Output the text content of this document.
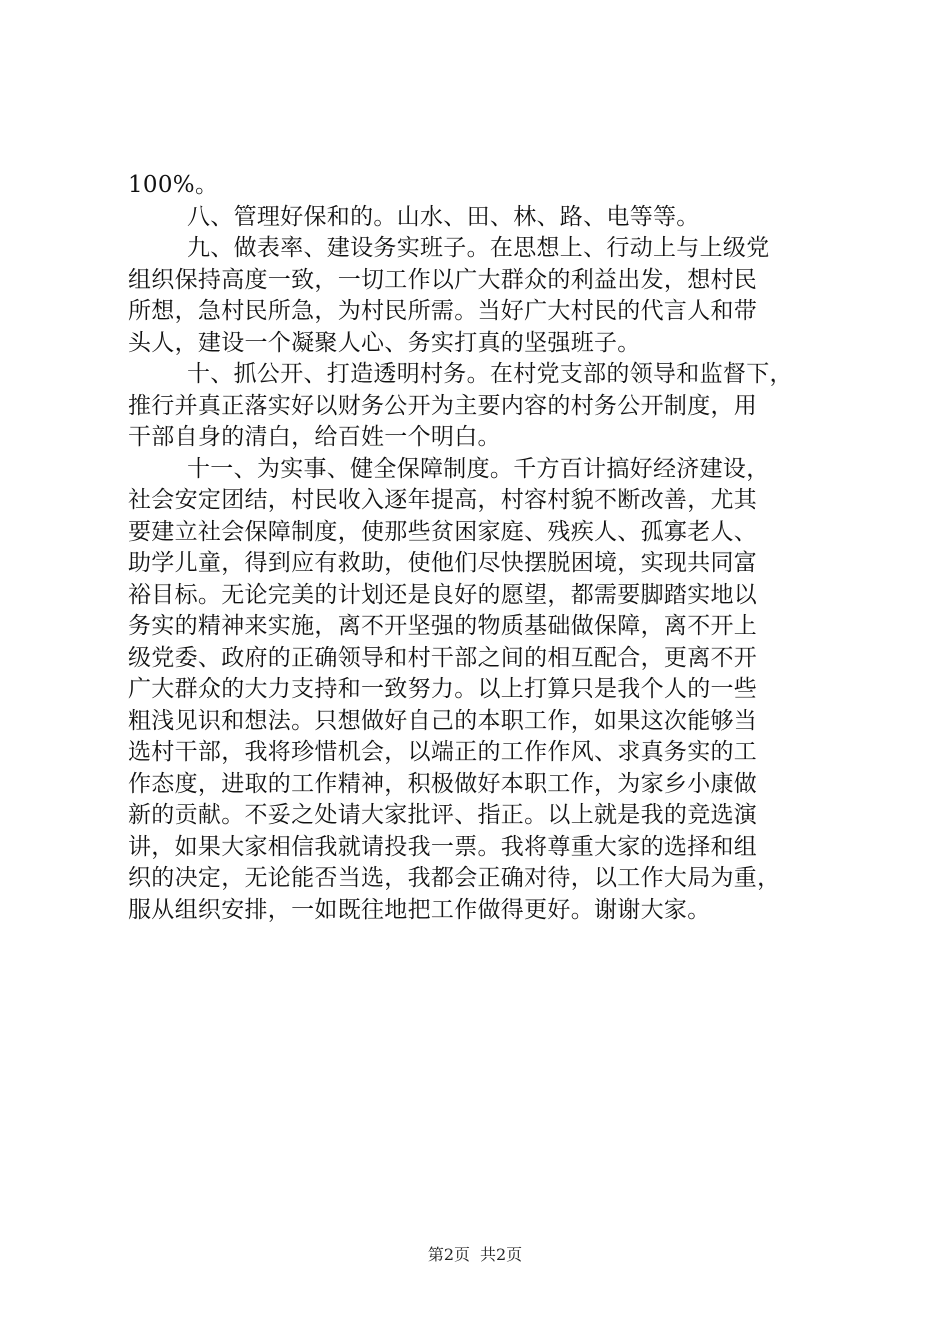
100%。
八、管理好保和的。山水、田、林、路、电等等。
九、做表率、建设务实班子。在思想上、行动上与上级党
组织保持高度一致，一切工作以广大群众的利益出发，想村民
所想，急村民所急，为村民所需。当好广大村民的代言人和带
头人，建设一个凝聚人心、务实打真的坚强班子。
十、抓公开、打造透明村务。在村党支部的领导和监督下，
推行并真正落实好以财务公开为主要内容的村务公开制度，用
干部自身的清白，给百姓一个明白。
十一、为实事、健全保障制度。千方百计搞好经济建设，
社会安定团结，村民收入逐年提高，村容村貌不断改善，尤其
要建立社会保障制度，使那些贫困家庭、残疾人、孤寡老人、
助学儿童，得到应有救助，使他们尽快摆脱困境，实现共同富
裕目标。无论完美的计划还是良好的愿望，都需要脚踏实地以
务实的精神来实施，离不开坚强的物质基础做保障，离不开上
级党委、政府的正确领导和村干部之间的相互配合，更离不开
广大群众的大力支持和一致努力。以上打算只是我个人的一些
粗浅见识和想法。只想做好自己的本职工作，如果这次能够当
选村干部，我将珍惜机会，以端正的工作作风、求真务实的工
作态度，进取的工作精神，积极做好本职工作，为家乡小康做
新的贡献。不妥之处请大家批评、指正。以上就是我的竞选演
讲，如果大家相信我就请投我一票。我将尊重大家的选择和组
织的决定，无论能否当选，我都会正确对待，以工作大局为重，
服从组织安排，一如既往地把工作做得更好。谢谢大家。
第2页 共2页
